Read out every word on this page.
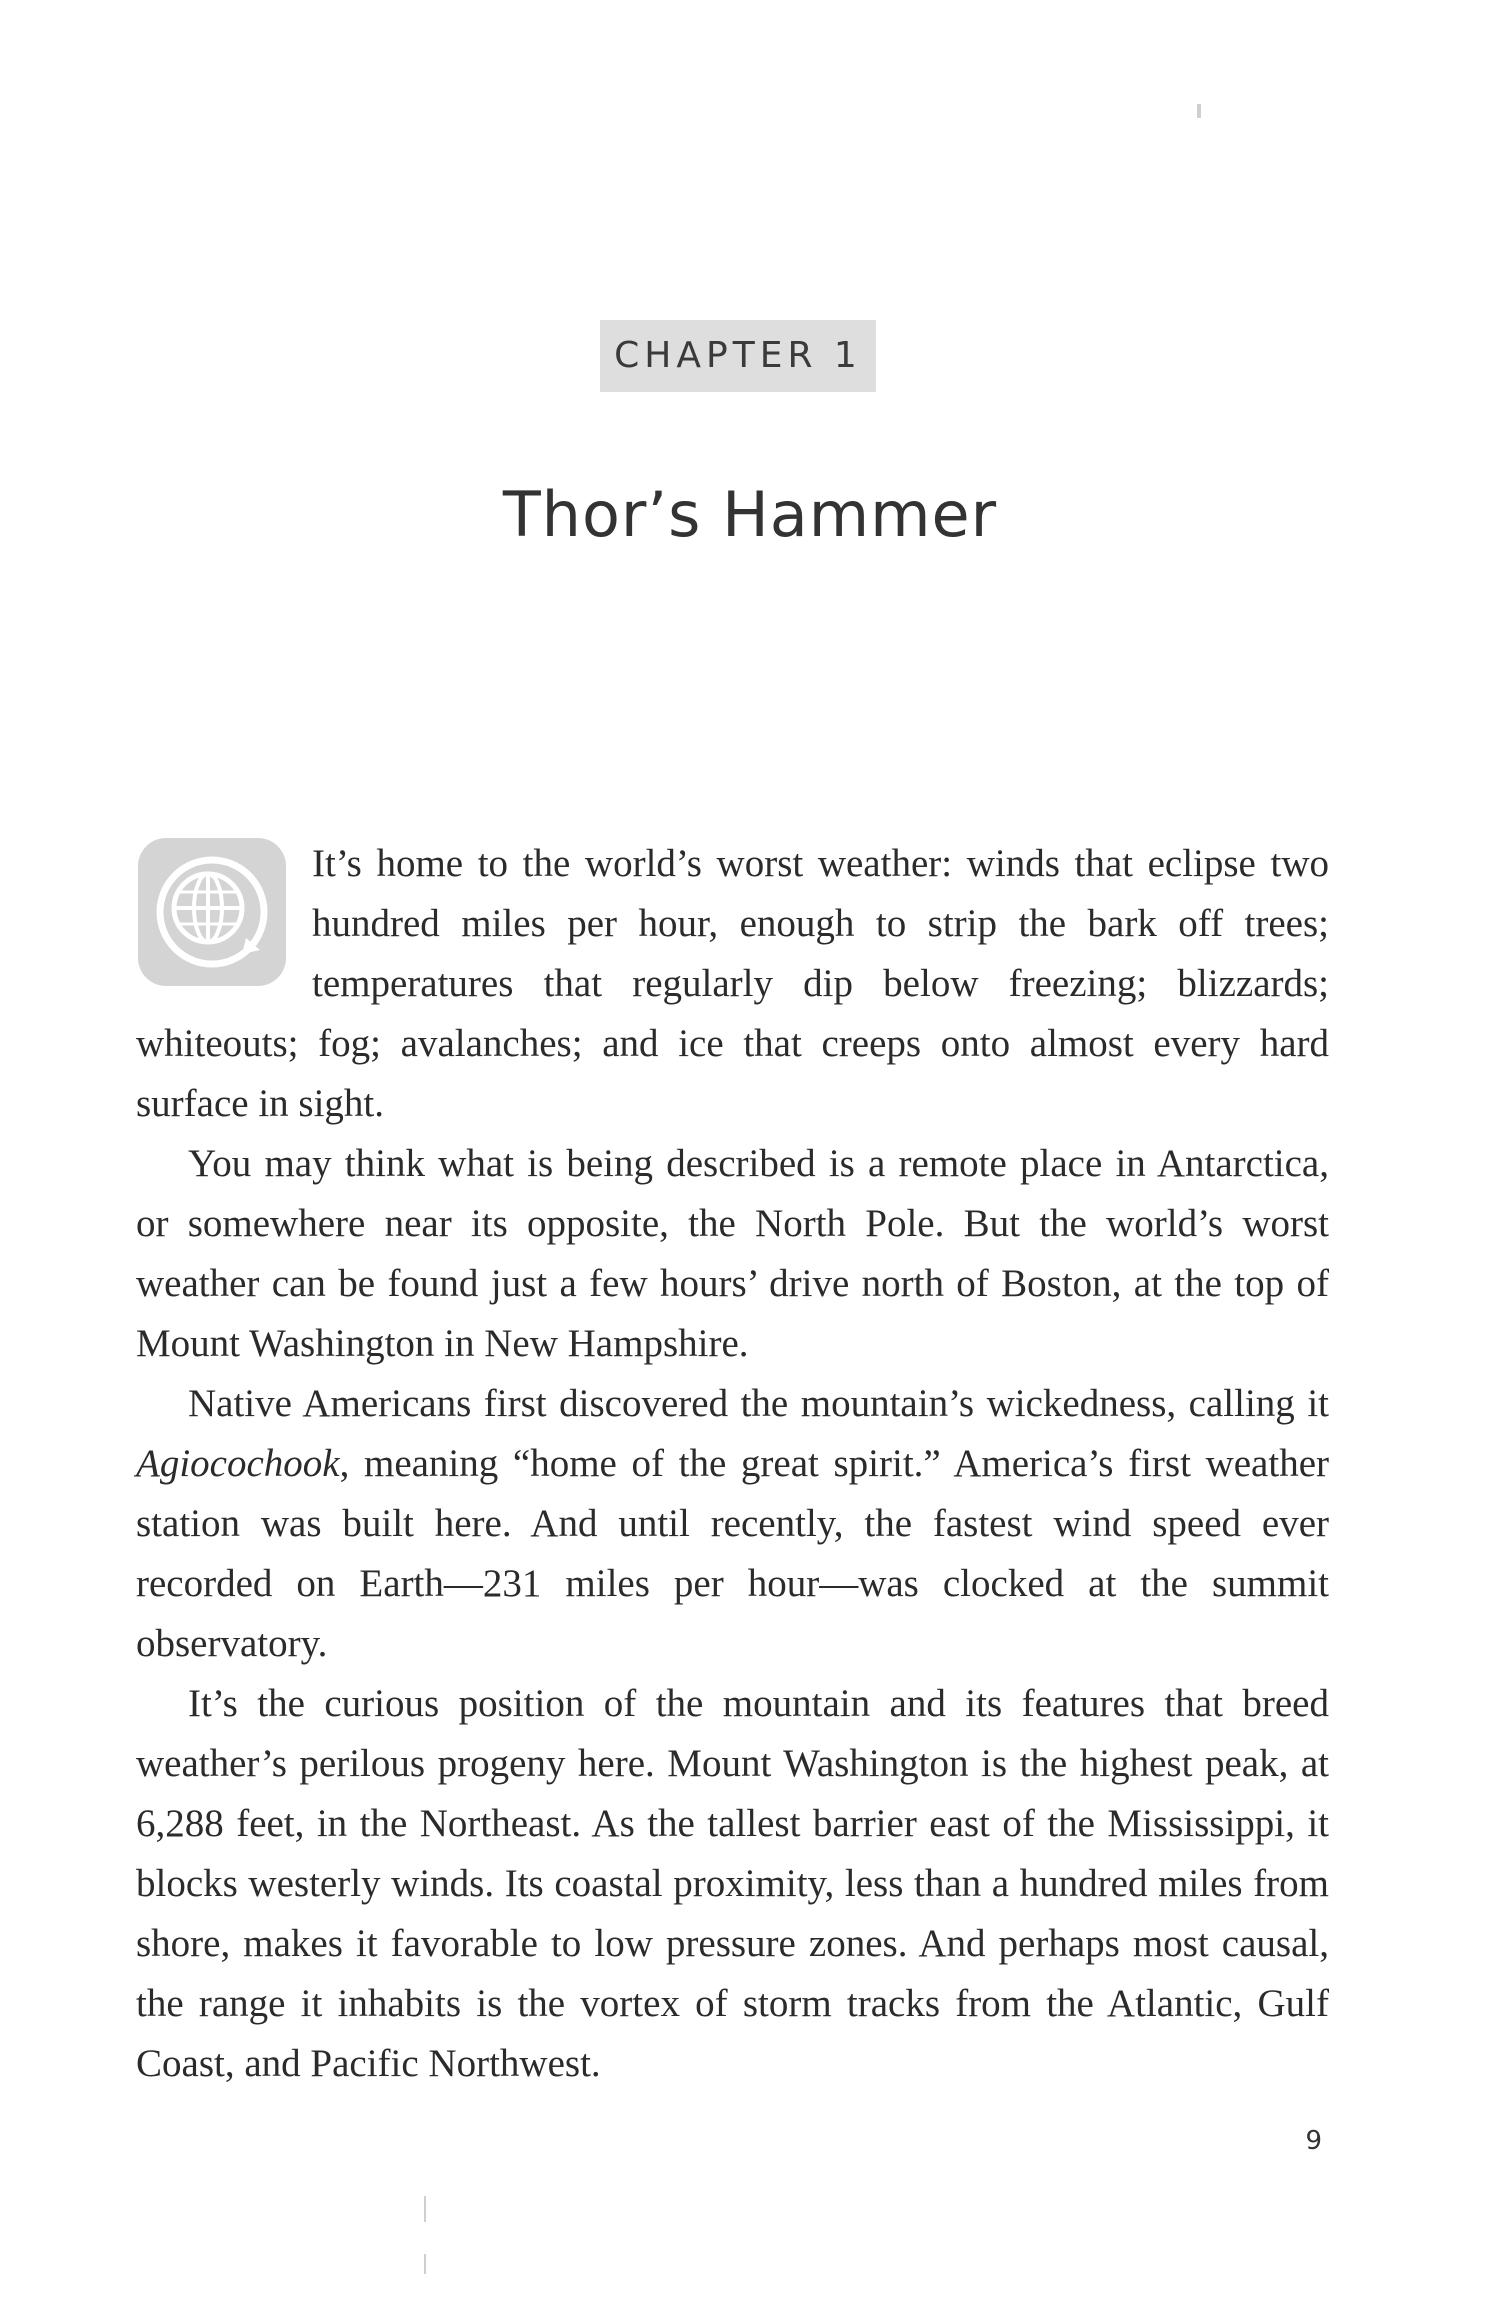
CHAPTER 1
Thor’s Hammer

It’s home to the world’s worst weather: winds that eclipse two hundred miles per hour, enough to strip the bark off trees; temperatures that regularly dip below freezing; blizzards; whiteouts; fog; avalanches; and ice that creeps onto almost every hard surface in sight.

You may think what is being described is a remote place in Antarctica, or somewhere near its opposite, the North Pole. But the world’s worst weather can be found just a few hours’ drive north of Boston, at the top of Mount Washington in New Hampshire.

Native Americans first discovered the mountain’s wickedness, calling it Agiocochook, meaning “home of the great spirit.” America’s first weather station was built here. And until recently, the fastest wind speed ever recorded on Earth—231 miles per hour—was clocked at the summit observatory.

It’s the curious position of the mountain and its features that breed weather’s perilous progeny here. Mount Washington is the highest peak, at 6,288 feet, in the Northeast. As the tallest barrier east of the Mississippi, it blocks westerly winds. Its coastal proximity, less than a hundred miles from shore, makes it favorable to low pressure zones. And perhaps most causal, the range it inhabits is the vortex of storm tracks from the Atlantic, Gulf Coast, and Pacific Northwest.

9
